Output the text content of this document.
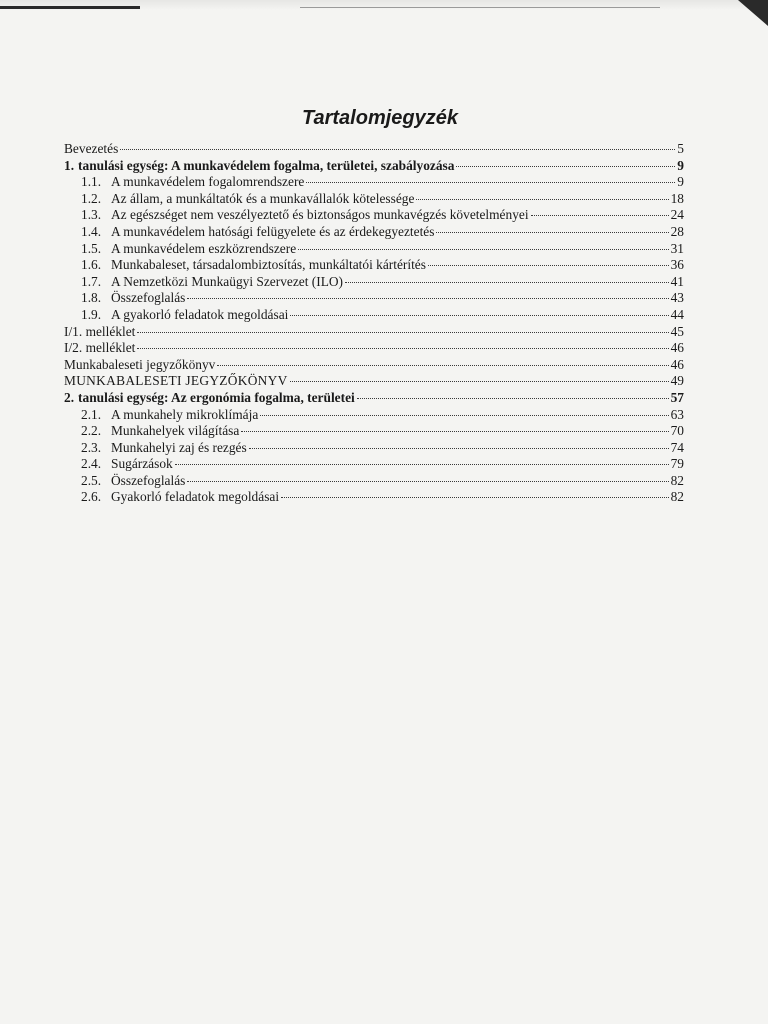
Tartalomjegyzék
Bevezetés	5
1. tanulási egység: A munkavédelem fogalma, területei, szabályozása	9
1.1. A munkavédelem fogalomrendszere	9
1.2. Az állam, a munkáltatók és a munkavállalók kötelessége	18
1.3. Az egészséget nem veszélyeztető és biztonságos munkavégzés követelményei	24
1.4. A munkavédelem hatósági felügyelete és az érdekegyeztetés	28
1.5. A munkavédelem eszközrendszere	31
1.6. Munkabaleset, társadalombiztosítás, munkáltatói kártérítés	36
1.7. A Nemzetközi Munkaügyi Szervezet (ILO)	41
1.8. Összefoglalás	43
1.9. A gyakorló feladatok megoldásai	44
I/1. melléklet	45
I/2. melléklet	46
Munkabaleseti jegyzőkönyv	46
MUNKABALESETI JEGYZŐKÖNYV	49
2. tanulási egység: Az ergonómia fogalma, területei	57
2.1. A munkahely mikroklímája	63
2.2. Munkahelyek világítása	70
2.3. Munkahelyi zaj és rezgés	74
2.4. Sugárzások	79
2.5. Összefoglalás	82
2.6. Gyakorló feladatok megoldásai	82
